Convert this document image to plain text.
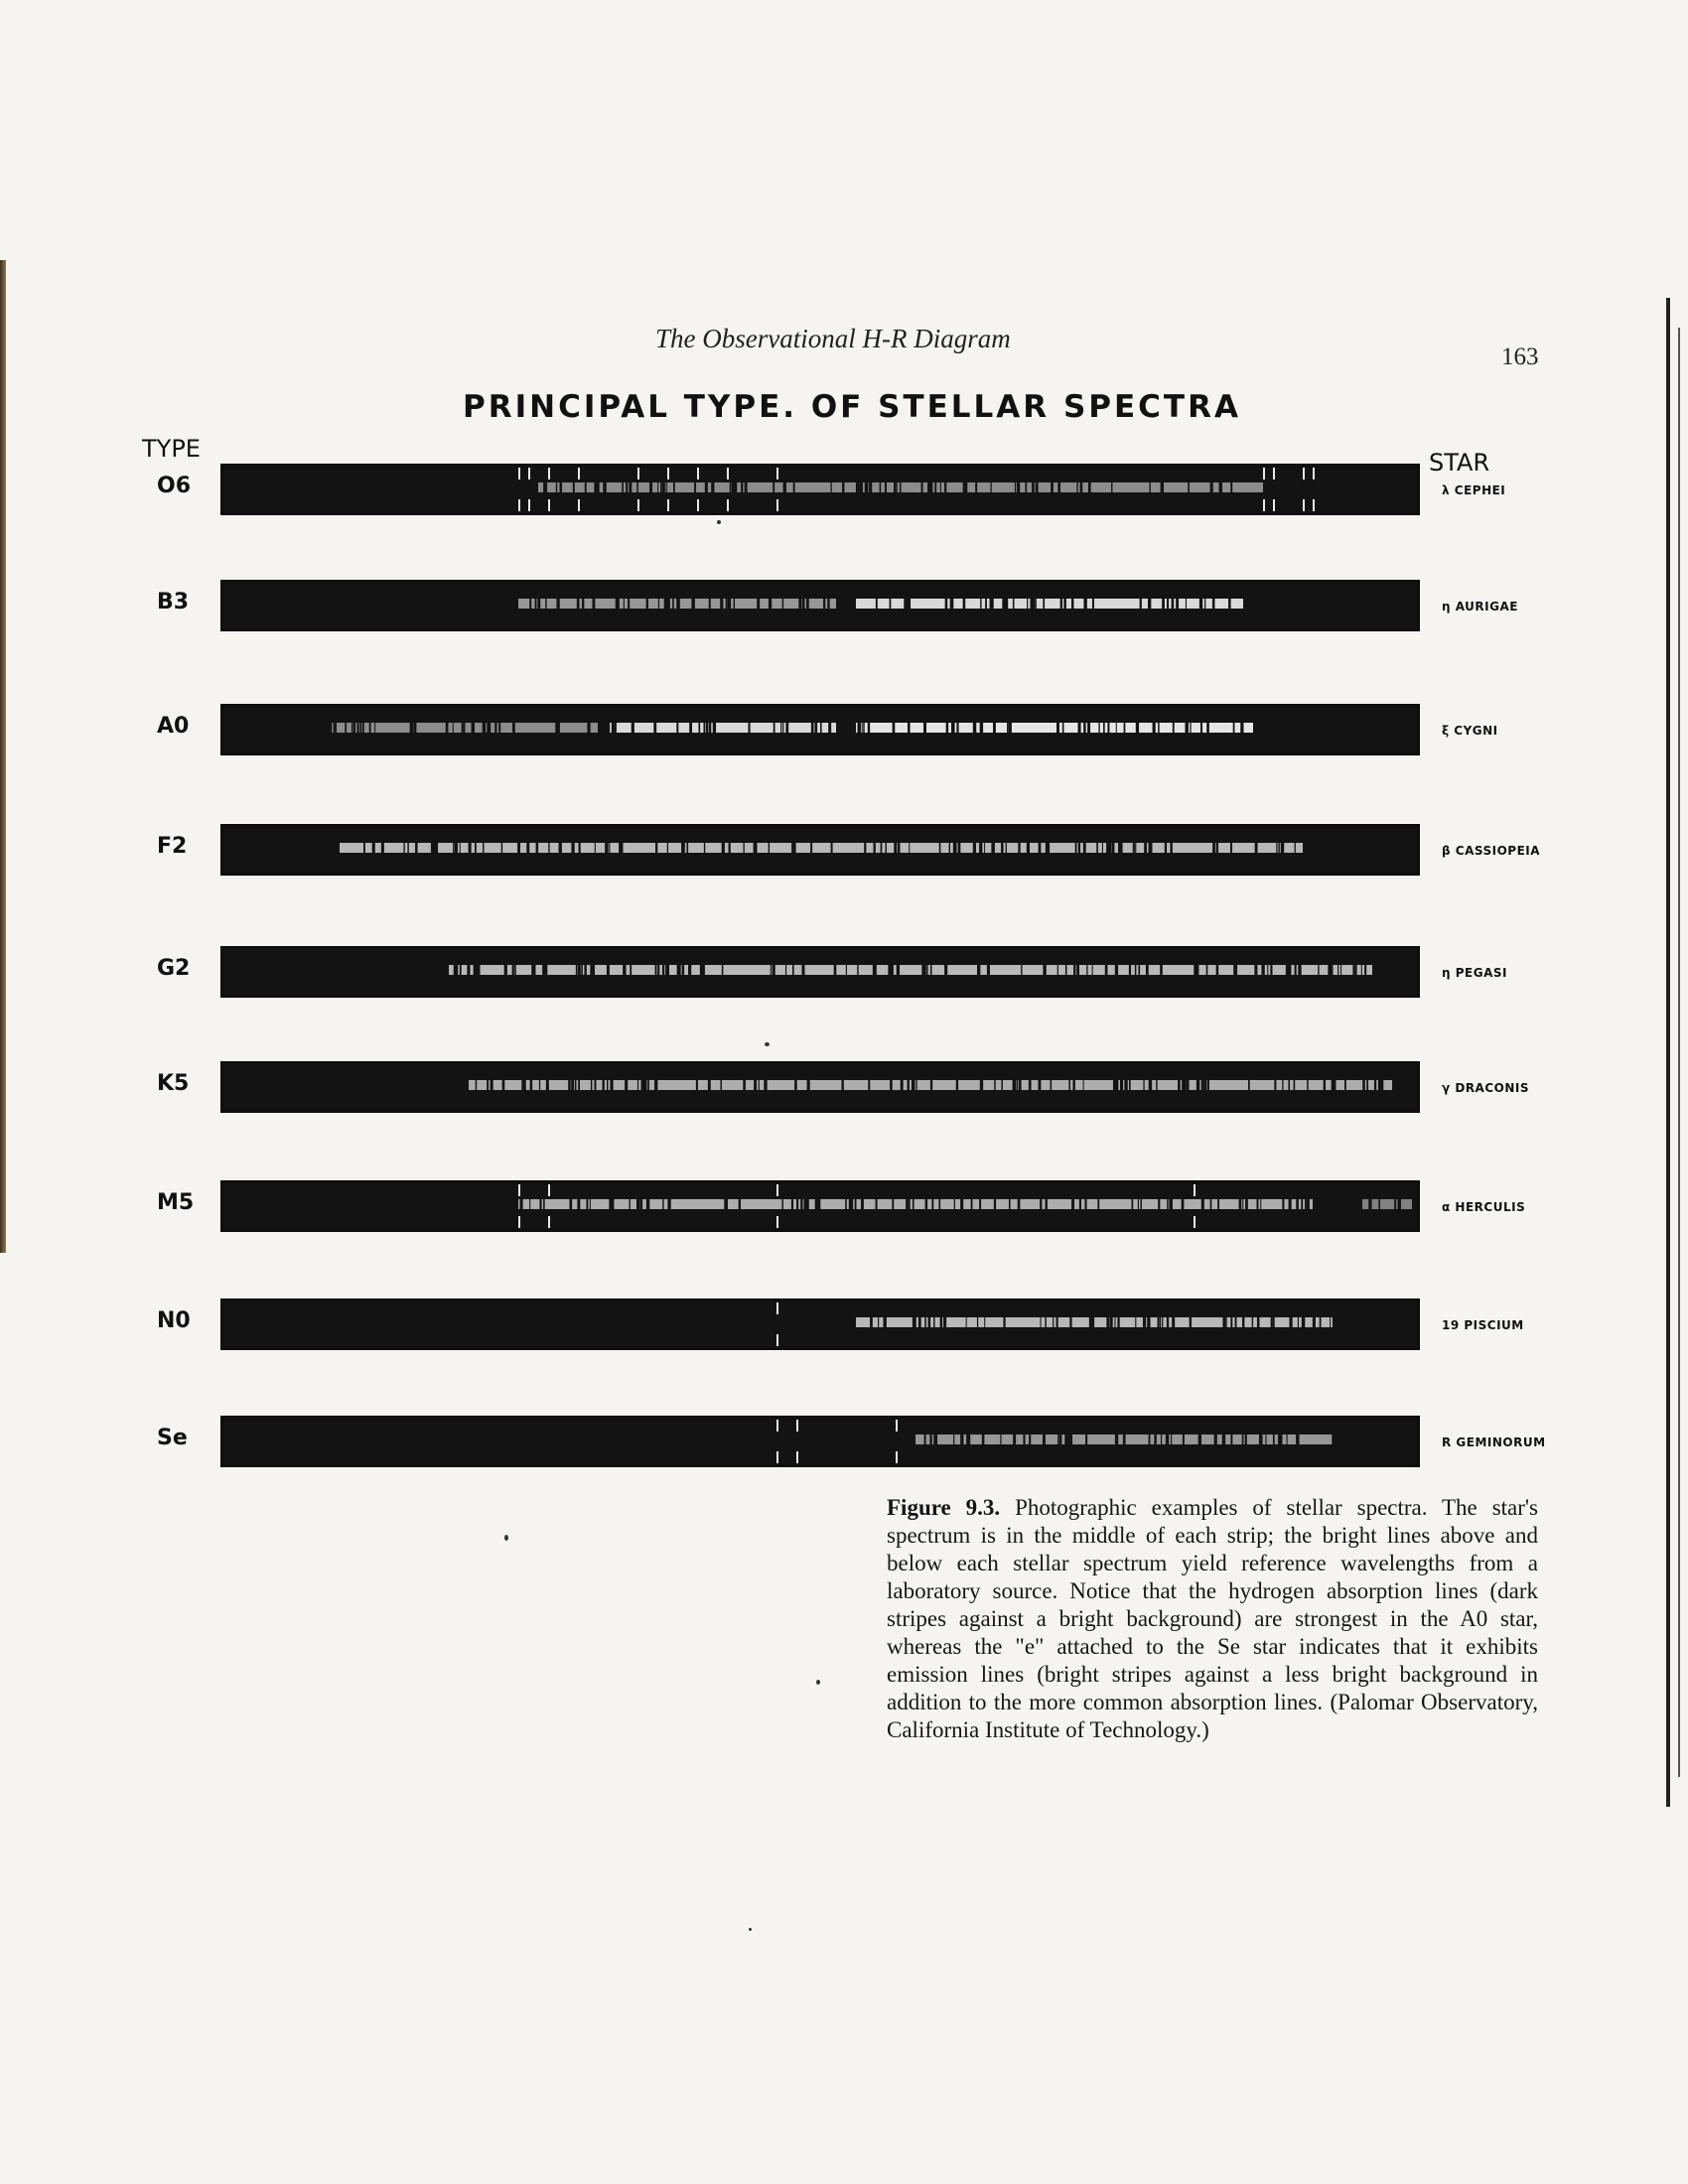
The Observational H-R Diagram
163
PRINCIPAL TYPE. OF STELLAR SPECTRA
TYPE	STAR
O6	λ CEPHEI
B3	η AURIGAE
A0	ξ CYGNI
F2	β CASSIOPEIA
G2	η PEGASI
K5	γ DRACONIS
M5	α HERCULIS
N0	19 PISCIUM
Se	R GEMINORUM
Figure 9.3. Photographic examples of stellar spectra. The star's spectrum is in the middle of each strip; the bright lines above and below each stellar spectrum yield reference wavelengths from a laboratory source. Notice that the hydrogen absorption lines (dark stripes against a bright background) are strongest in the A0 star, whereas the "e" attached to the Se star indicates that it exhibits emission lines (bright stripes against a less bright background in addition to the more common absorption lines. (Palomar Observatory, California Institute of Technology.)
